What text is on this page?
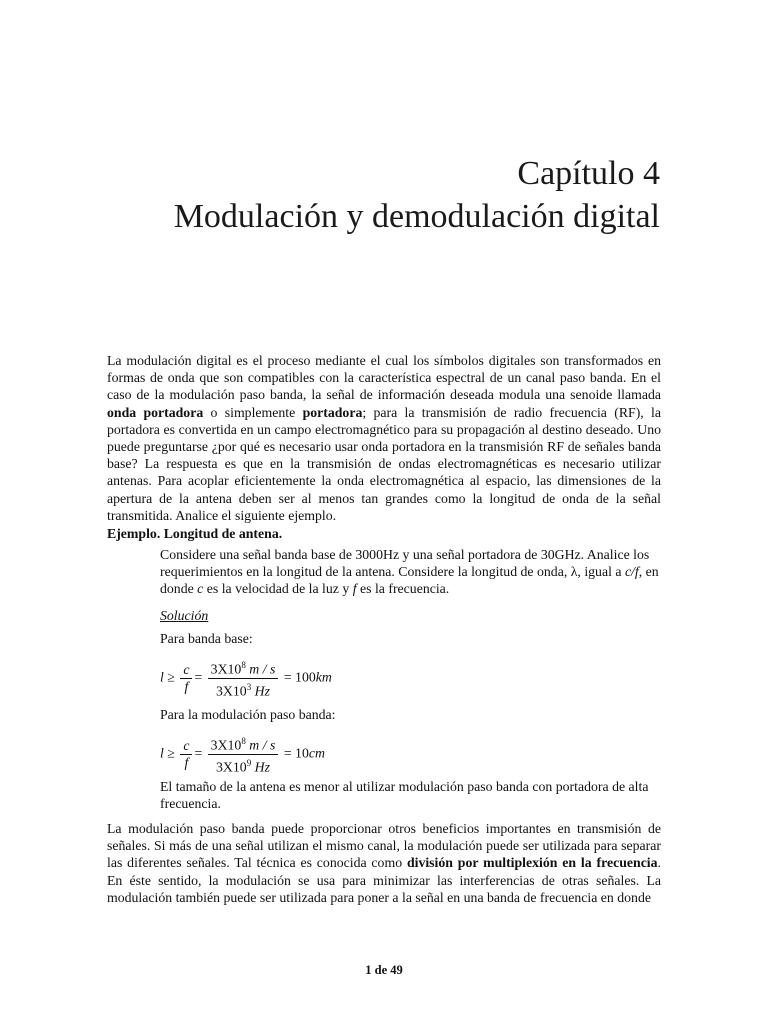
Capítulo 4
Modulación y demodulación digital

La modulación digital es el proceso mediante el cual los símbolos digitales son transformados en formas de onda que son compatibles con la característica espectral de un canal paso banda. En el caso de la modulación paso banda, la señal de información deseada modula una senoide llamada onda portadora o simplemente portadora; para la transmisión de radio frecuencia (RF), la portadora es convertida en un campo electromagnético para su propagación al destino deseado. Uno puede preguntarse ¿por qué es necesario usar onda portadora en la transmisión RF de señales banda base? La respuesta es que en la transmisión de ondas electromagnéticas es necesario utilizar antenas. Para acoplar eficientemente la onda electromagnética al espacio, las dimensiones de la apertura de la antena deben ser al menos tan grandes como la longitud de onda de la señal transmitida. Analice el siguiente ejemplo.

Ejemplo. Longitud de antena.

Considere una señal banda base de 3000Hz y una señal portadora de 30GHz. Analice los requerimientos en la longitud de la antena. Considere la longitud de onda, λ, igual a c/f, en donde c es la velocidad de la luz y f es la frecuencia.

Solución
Para banda base:
$l \ge \frac{c}{f} = \frac{3X10^8 m / s}{3X10^3 Hz} = 100km$
Para la modulación paso banda:
$l \ge \frac{c}{f} = \frac{3X10^8 m / s}{3X10^9 Hz} = 10cm$

El tamaño de la antena es menor al utilizar modulación paso banda con portadora de alta frecuencia.

La modulación paso banda puede proporcionar otros beneficios importantes en transmisión de señales. Si más de una señal utilizan el mismo canal, la modulación puede ser utilizada para separar las diferentes señales. Tal técnica es conocida como división por multiplexión en la frecuencia. En éste sentido, la modulación se usa para minimizar las interferencias de otras señales. La modulación también puede ser utilizada para poner a la señal en una banda de frecuencia en donde

1 de 49
